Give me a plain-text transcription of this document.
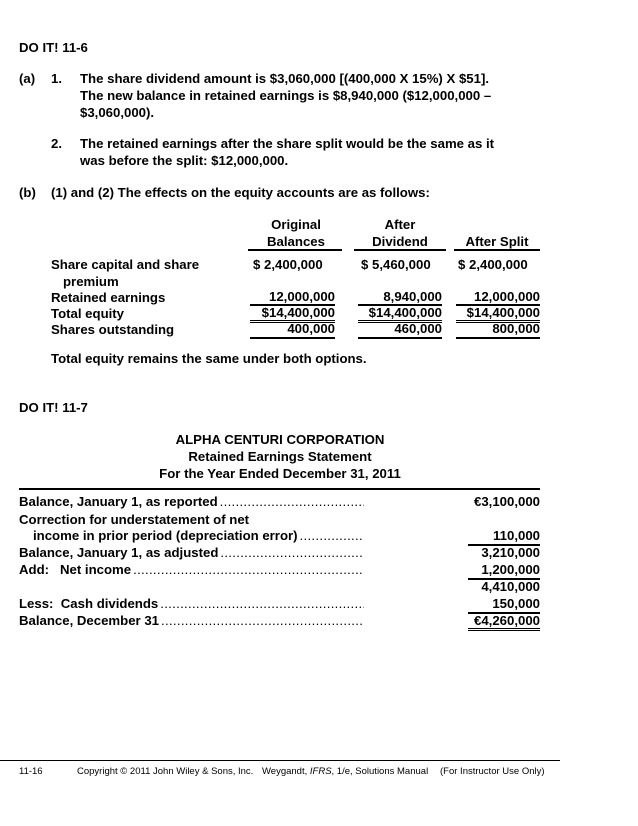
DO IT! 11-6
(a) 1. The share dividend amount is $3,060,000 [(400,000 X 15%) X $51].
The new balance in retained earnings is $8,940,000 ($12,000,000 –
$3,060,000).
2. The retained earnings after the share split would be the same as it
was before the split: $12,000,000.
(b) (1) and (2) The effects on the equity accounts are as follows:
Original
Balances
After
Dividend	After Split
Share capital and share
premium
$ 2,400,000	$ 5,460,000 $ 2,400,000
Retained earnings	12,000,000	8,940,000 12,000,000
Total equity	$14,400,000	$14,400,000 $14,400,000
Shares outstanding	400,000	460,000	800,000
Total equity remains the same under both options.
DO IT! 11-7
ALPHA CENTURI CORPORATION
Retained Earnings Statement
For the Year Ended December 31, 2011
Balance, January 1, as reported .....	€3,100,000
Correction for understatement of net
income in prior period (depreciation error) .....	110,000
Balance, January 1, as adjusted .....	3,210,000
Add:   Net income .....	1,200,000
4,410,000
Less:  Cash dividends .....	150,000
Balance, December 31 .....	€4,260,000
11-16	Copyright © 2011 John Wiley & Sons, Inc. Weygandt, IFRS, 1/e, Solutions Manual (For Instructor Use Only)
